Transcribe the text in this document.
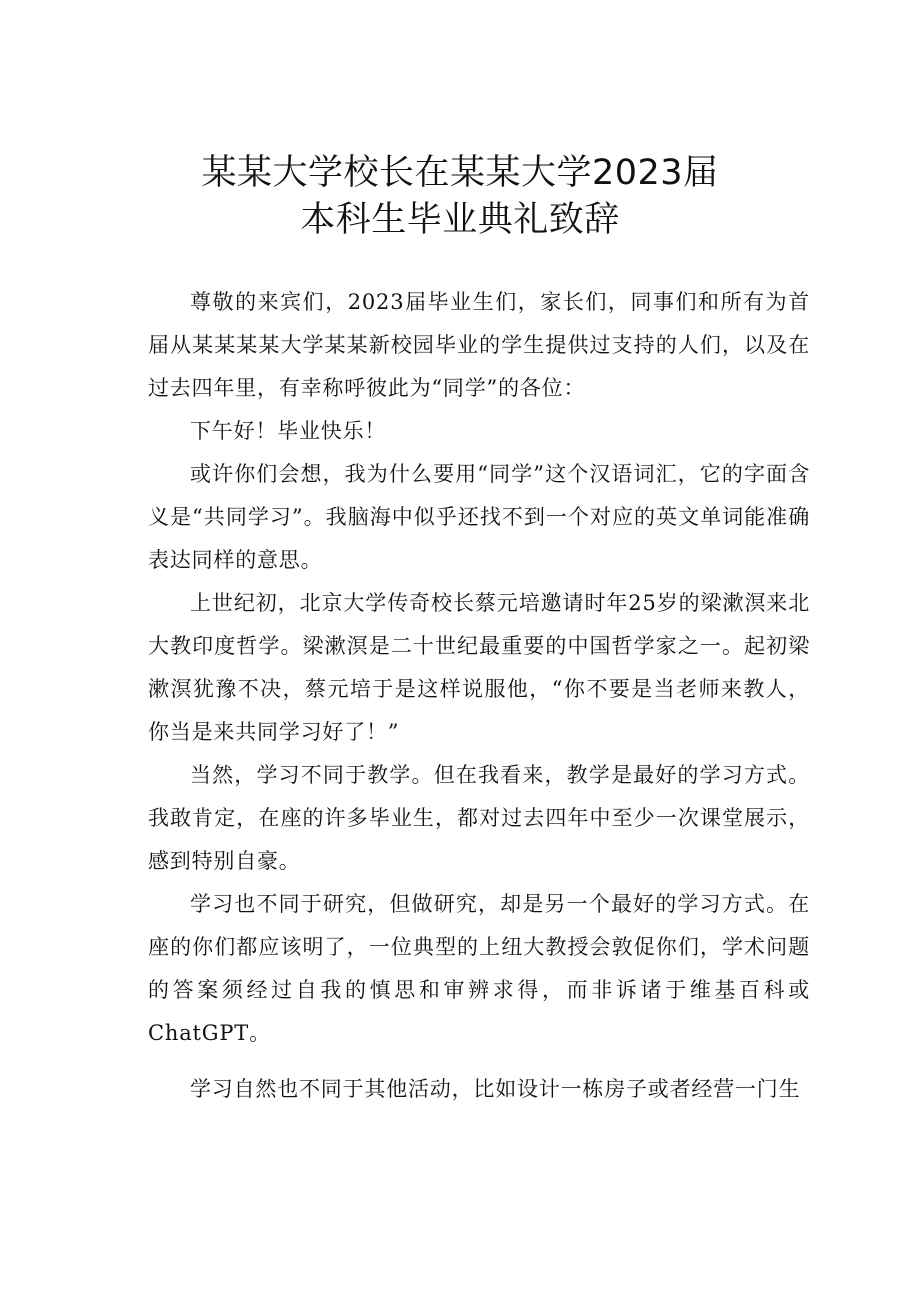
某某大学校长在某某大学2023届
本科生毕业典礼致辞

尊敬的来宾们，2023届毕业生们，家长们，同事们和所有为首届从某某某某大学某某新校园毕业的学生提供过支持的人们，以及在过去四年里，有幸称呼彼此为“同学”的各位：

下午好！毕业快乐！

或许你们会想，我为什么要用“同学”这个汉语词汇，它的字面含义是“共同学习”。我脑海中似乎还找不到一个对应的英文单词能准确表达同样的意思。

上世纪初，北京大学传奇校长蔡元培邀请时年25岁的梁漱溟来北大教印度哲学。梁漱溟是二十世纪最重要的中国哲学家之一。起初梁漱溟犹豫不决，蔡元培于是这样说服他，“你不要是当老师来教人，你当是来共同学习好了！”

当然，学习不同于教学。但在我看来，教学是最好的学习方式。我敢肯定，在座的许多毕业生，都对过去四年中至少一次课堂展示，感到特别自豪。

学习也不同于研究，但做研究，却是另一个最好的学习方式。在座的你们都应该明了，一位典型的上纽大教授会敦促你们，学术问题的答案须经过自我的慎思和审辨求得，而非诉诸于维基百科或ChatGPT。

学习自然也不同于其他活动，比如设计一栋房子或者经营一门生
